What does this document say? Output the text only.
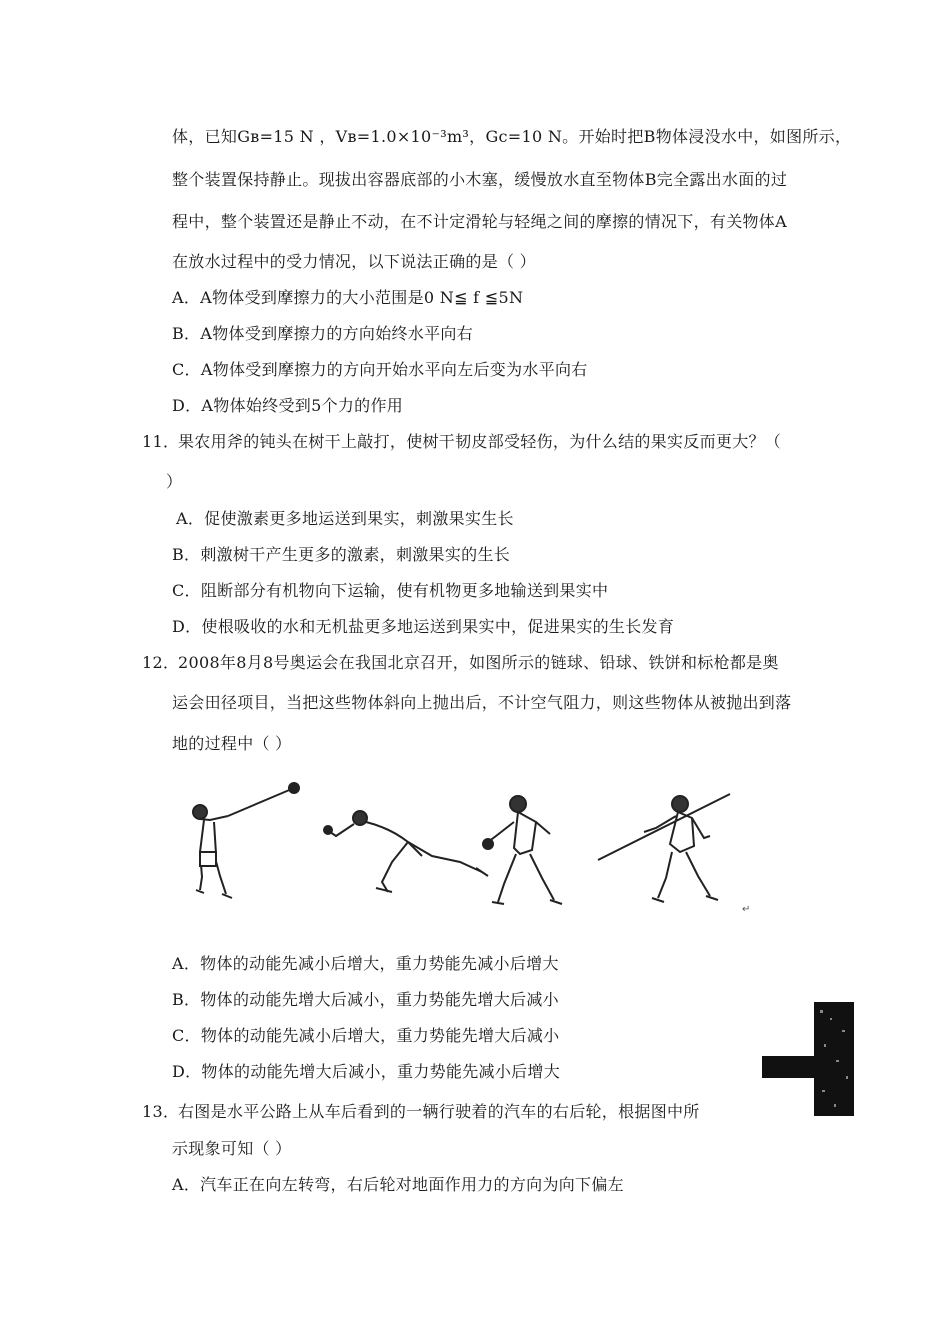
体，已知Gʙ=15 N ，Vʙ=1.0×10⁻³m³，Gc=10 N。开始时把B物体浸没水中，如图所示，
整个装置保持静止。现拔出容器底部的小木塞，缓慢放水直至物体B完全露出水面的过
程中，整个装置还是静止不动，在不计定滑轮与轻绳之间的摩擦的情况下，有关物体A
在放水过程中的受力情况，以下说法正确的是（ ）
A．A物体受到摩擦力的大小范围是0 N≦ f ≦5N
B．A物体受到摩擦力的方向始终水平向右
C．A物体受到摩擦力的方向开始水平向左后变为水平向右
D．A物体始终受到5个力的作用
11．
果农用斧的钝头在树干上敲打，使树干韧皮部受轻伤，为什么结的果实反而更大？（
）
A．促使激素更多地运送到果实，刺激果实生长
B．刺激树干产生更多的激素，刺激果实的生长
C．阻断部分有机物向下运输，使有机物更多地输送到果实中
D．使根吸收的水和无机盐更多地运送到果实中，促进果实的生长发育
12．
2008年8月8号奥运会在我国北京召开，如图所示的链球、铅球、铁饼和标枪都是奥
运会田径项目，当把这些物体斜向上抛出后，不计空气阻力，则这些物体从被抛出到落
地的过程中（ ）
↵
A．物体的动能先减小后增大，重力势能先减小后增大
B．物体的动能先增大后减小，重力势能先增大后减小
C．物体的动能先减小后增大，重力势能先增大后减小
D．物体的动能先增大后减小，重力势能先减小后增大
13．
右图是水平公路上从车后看到的一辆行驶着的汽车的右后轮，根据图中所
示现象可知（ ）
A．汽车正在向左转弯，右后轮对地面作用力的方向为向下偏左
